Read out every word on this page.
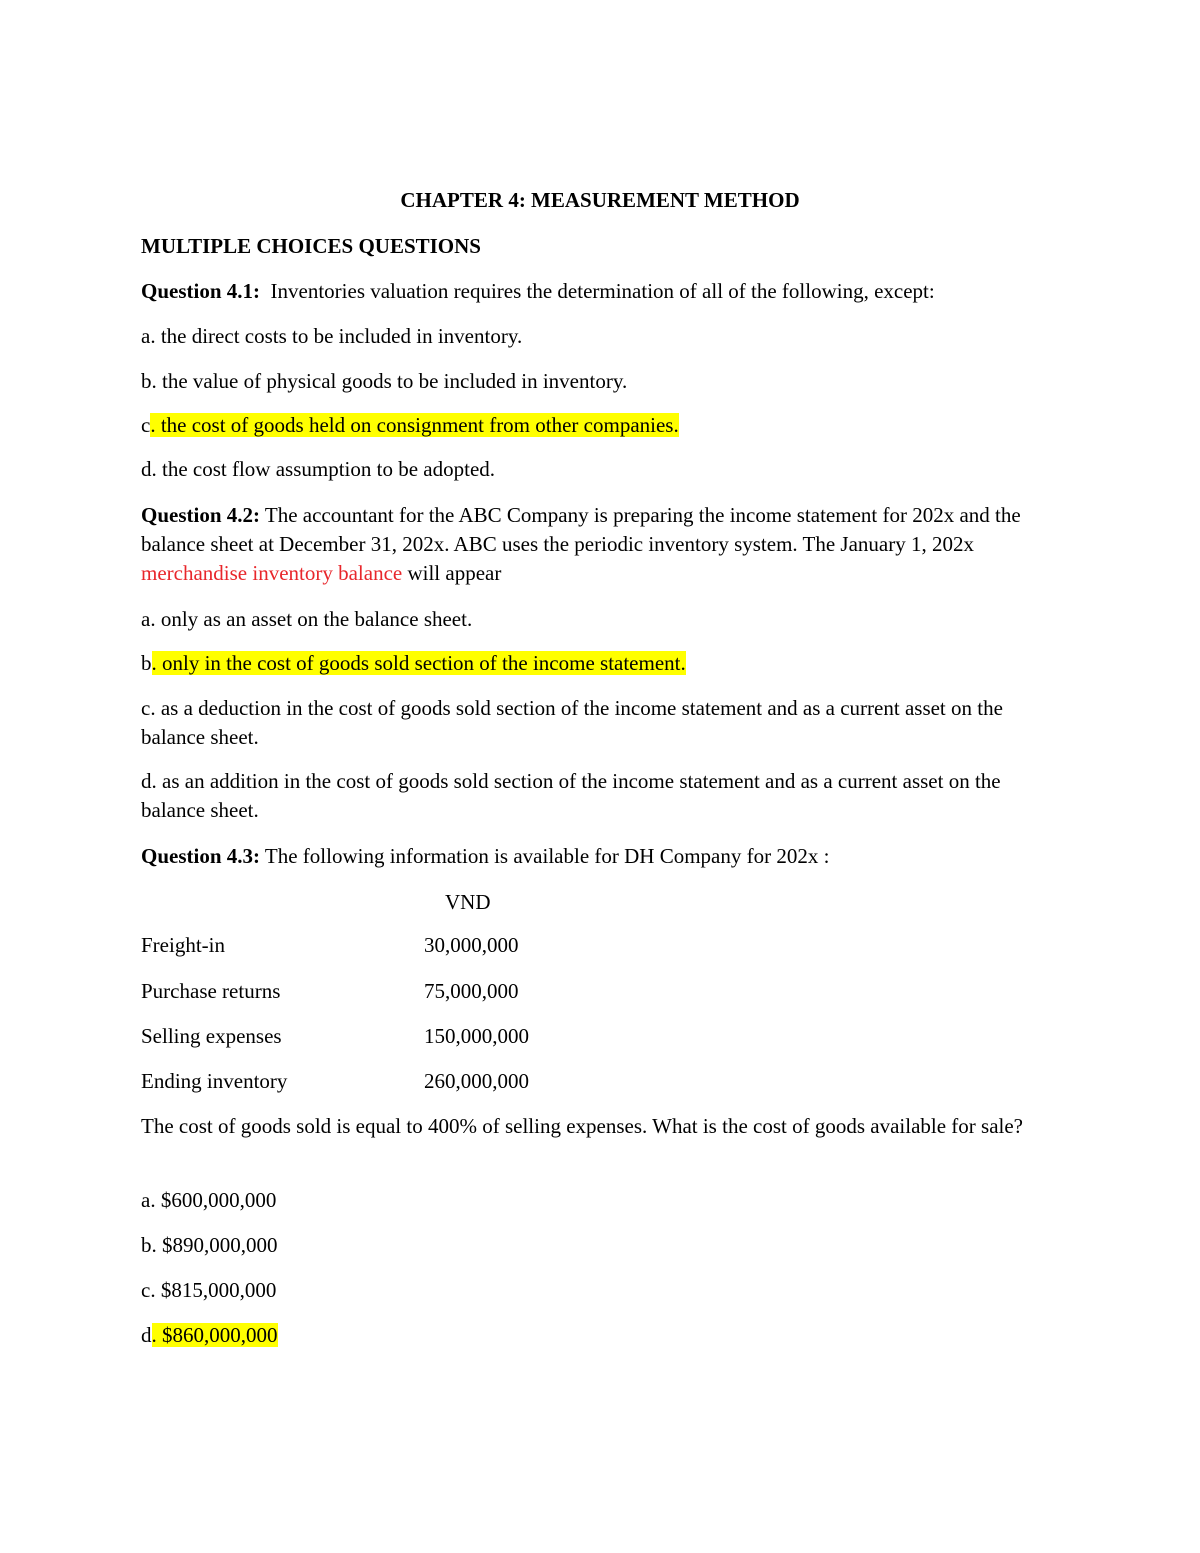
CHAPTER 4: MEASUREMENT METHOD
MULTIPLE CHOICES QUESTIONS
Question 4.1: Inventories valuation requires the determination of all of the following, except:
a. the direct costs to be included in inventory.
b. the value of physical goods to be included in inventory.
c. the cost of goods held on consignment from other companies.
d. the cost flow assumption to be adopted.
Question 4.2: The accountant for the ABC Company is preparing the income statement for 202x and the balance sheet at December 31, 202x. ABC uses the periodic inventory system. The January 1, 202x merchandise inventory balance will appear
a. only as an asset on the balance sheet.
b. only in the cost of goods sold section of the income statement.
c. as a deduction in the cost of goods sold section of the income statement and as a current asset on the balance sheet.
d. as an addition in the cost of goods sold section of the income statement and as a current asset on the balance sheet.
Question 4.3: The following information is available for DH Company for 202x :
VND
Freight-in	30,000,000
Purchase returns	75,000,000
Selling expenses	150,000,000
Ending inventory	260,000,000
The cost of goods sold is equal to 400% of selling expenses. What is the cost of goods available for sale?
a. $600,000,000
b. $890,000,000
c. $815,000,000
d. $860,000,000
